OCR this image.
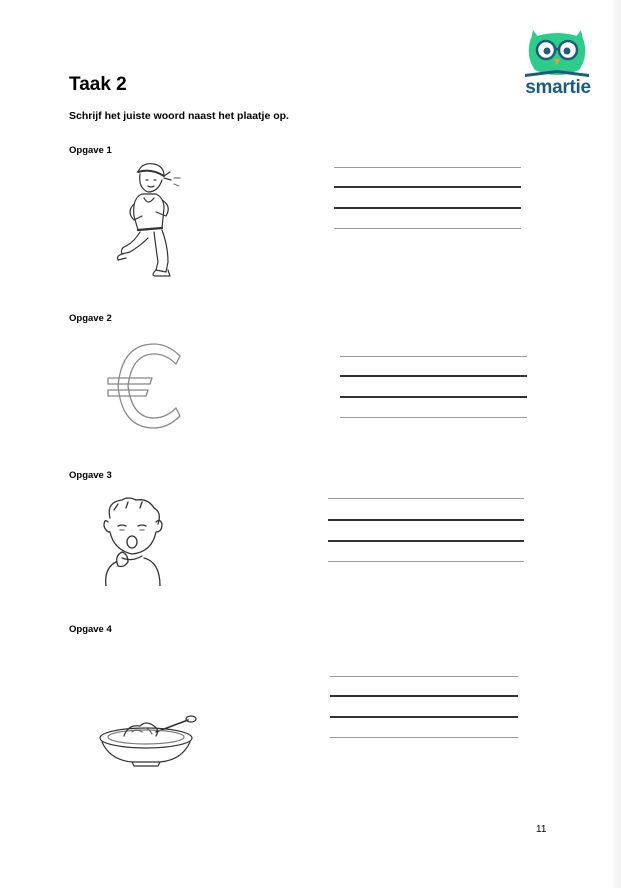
smartie
Taak 2
Schrijf het juiste woord naast het plaatje op.
Opgave 1
Opgave 2
Opgave 3
Opgave 4
11
